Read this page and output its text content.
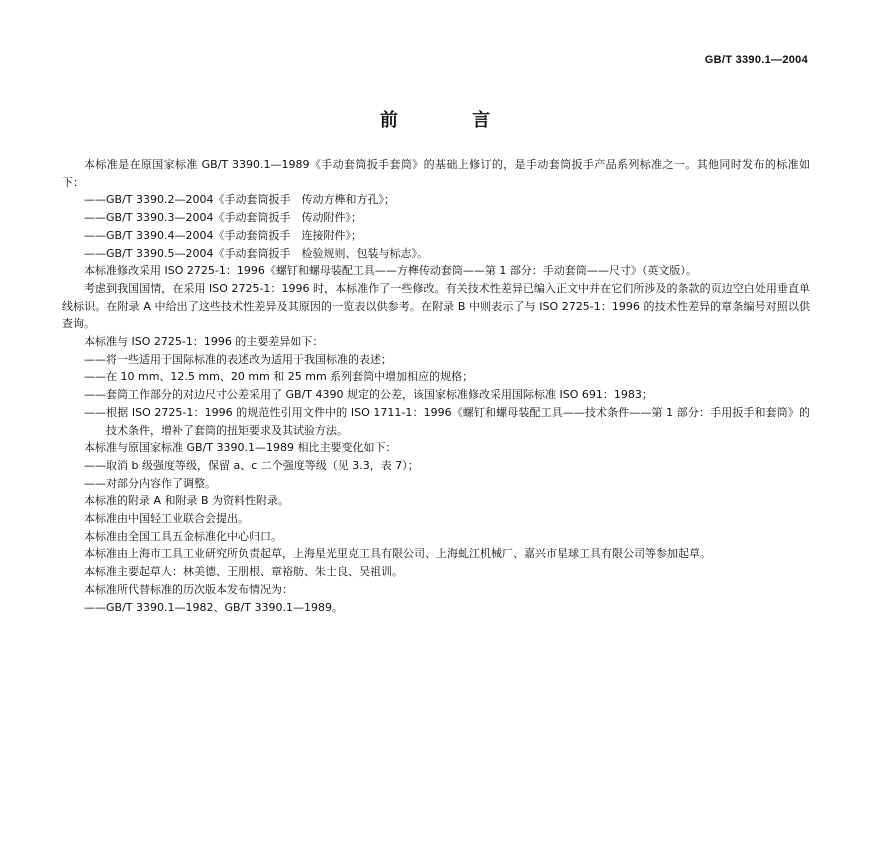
GB/T 3390.1—2004
前 言

本标准是在原国家标准 GB/T 3390.1—1989《手动套筒扳手套筒》的基础上修订的，是手动套筒扳手产品系列标准之一。其他同时发布的标准如下：

——GB/T 3390.2—2004《手动套筒扳手　传动方榫和方孔》；

——GB/T 3390.3—2004《手动套筒扳手　传动附件》；

——GB/T 3390.4—2004《手动套筒扳手　连接附件》；

——GB/T 3390.5—2004《手动套筒扳手　检验规则、包装与标志》。

本标准修改采用 ISO 2725-1：1996《螺钉和螺母装配工具——方榫传动套筒——第 1 部分：手动套筒——尺寸》（英文版）。

考虑到我国国情，在采用 ISO 2725-1：1996 时，本标准作了一些修改。有关技术性差异已编入正文中并在它们所涉及的条款的页边空白处用垂直单线标识。在附录 A 中给出了这些技术性差异及其原因的一览表以供参考。在附录 B 中则表示了与 ISO 2725-1：1996 的技术性差异的章条编号对照以供查询。

本标准与 ISO 2725-1：1996 的主要差异如下：

——将一些适用于国际标准的表述改为适用于我国标准的表述；

——在 10 mm、12.5 mm、20 mm 和 25 mm 系列套筒中增加相应的规格；

——套筒工作部分的对边尺寸公差采用了 GB/T 4390 规定的公差，该国家标准修改采用国际标准 ISO 691：1983；

——根据 ISO 2725-1：1996 的规范性引用文件中的 ISO 1711-1：1996《螺钉和螺母装配工具——技术条件——第 1 部分：手用扳手和套筒》的技术条件，增补了套筒的扭矩要求及其试验方法。

本标准与原国家标准 GB/T 3390.1—1989 相比主要变化如下：

——取消 b 级强度等级，保留 a、c 二个强度等级（见 3.3，表 7）；

——对部分内容作了调整。

本标准的附录 A 和附录 B 为资料性附录。

本标准由中国轻工业联合会提出。

本标准由全国工具五金标准化中心归口。

本标准由上海市工具工业研究所负责起草，上海星光里克工具有限公司、上海虬江机械厂、嘉兴市星球工具有限公司等参加起草。

本标准主要起草人：林美德、王朋根、章裕舫、朱士良、吴祖训。

本标准所代替标准的历次版本发布情况为：

——GB/T 3390.1—1982、GB/T 3390.1—1989。
